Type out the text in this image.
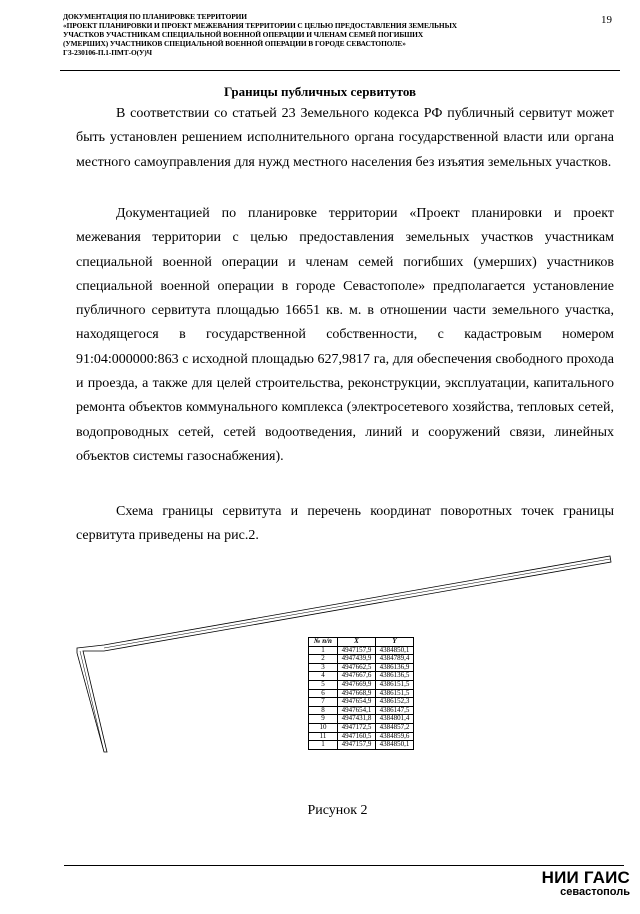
ДОКУМЕНТАЦИЯ ПО ПЛАНИРОВКЕ ТЕРРИТОРИИ
«ПРОЕКТ ПЛАНИРОВКИ И ПРОЕКТ МЕЖЕВАНИЯ ТЕРРИТОРИИ С ЦЕЛЬЮ ПРЕДОСТАВЛЕНИЯ ЗЕМЕЛЬНЫХ
УЧАСТКОВ УЧАСТНИКАМ СПЕЦИАЛЬНОЙ ВОЕННОЙ ОПЕРАЦИИ И ЧЛЕНАМ СЕМЕЙ ПОГИБШИХ
(УМЕРШИХ) УЧАСТНИКОВ СПЕЦИАЛЬНОЙ ВОЕННОЙ ОПЕРАЦИИ В ГОРОДЕ СЕВАСТОПОЛЕ»
ГЗ-230106-П.1-ПМТ-О(У)Ч
19
Границы публичных сервитутов

В соответствии со статьей 23 Земельного кодекса РФ публичный сервитут может быть установлен решением исполнительного органа государственной власти или органа местного самоуправления для нужд местного населения без изъятия земельных участков.

Документацией по планировке территории «Проект планировки и проект межевания территории с целью предоставления земельных участков участникам специальной военной операции и членам семей погибших (умерших) участников специальной военной операции в городе Севастополе» предполагается установление публичного сервитута площадью 16651 кв. м. в отношении части земельного участка, находящегося в государственной собственности, с кадастровым номером 91:04:000000:863 с исходной площадью 627,9817 га, для обеспечения свободного прохода и проезда, а также для целей строительства, реконструкции, эксплуатации, капитального ремонта объектов коммунального комплекса (электросетевого хозяйства, тепловых сетей, водопроводных сетей, сетей водоотведения, линий и сооружений связи, линейных объектов системы газоснабжения).

Схема границы сервитута и перечень координат поворотных точек границы сервитута приведены на рис.2.

№ п/п	X	Y
1	4947157,9	4384850,1
2	4947439,9	4384789,4
3	4947662,5	4386136,9
4	4947667,6	4386136,5
5	4947669,9	4386151,5
6	4947668,9	4386151,5
7	4947654,9	4386152,3
8	4947654,1	4386147,5
9	4947431,8	4384801,4
10	4947172,5	4384857,2
11	4947160,5	4384859,6
1	4947157,9	4384850,1
Рисунок 2
НИИ ГАИС
севастополь
